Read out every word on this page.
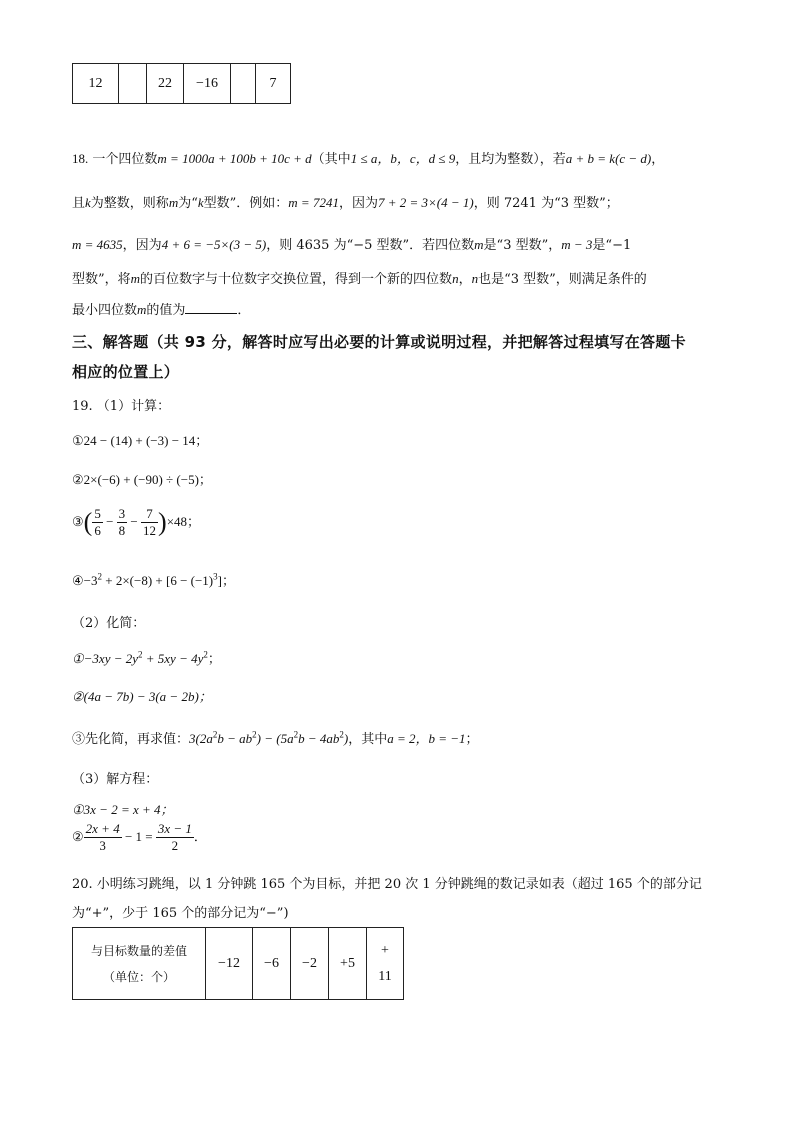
12		22	−16		7
18. 一个四位数m = 1000a + 100b + 10c + d（其中1 ≤ a，b，c，d ≤ 9，且均为整数），若a + b = k(c − d)，
且k为整数，则称m为“k型数”．例如：m = 7241，因为7 + 2 = 3×(4 − 1)，则 7241 为“3 型数”；
m = 4635，因为4 + 6 = −5×(3 − 5)，则 4635 为“−5 型数”．若四位数m是“3 型数”，m − 3是“−1
型数”，将m的百位数字与十位数字交换位置，得到一个新的四位数n，n也是“3 型数”，则满足条件的
最小四位数m的值为	．
三、解答题（共 93 分，解答时应写出必要的计算或说明过程，并把解答过程填写在答题卡
相应的位置上）
19. （1）计算：
①24 − (14) + (−3) − 14；
②2×(−6) + (−90) ÷ (−5)；
③( $\frac{5}{6} - \frac{3}{8} - \frac{7}{12} )\times 48$；
$④-3^2 + 2\times(-8) + [6 - (-1)^3]$；
（2）化简：
①−3xy − $2y^2 + 5xy - 4y^2$；
②(4a − 7b) − 3(a − 2b)；
③先化简，再求值：$3(2a^2b - ab^2) - (5a^2b - 4ab^2)$，其中a = 2，b = −1；
（3）解方程：
①3x − 2 = x + 4；
② $\frac{2x + 4}{3} - 1 = \frac{3x - 1}{2}$ ．
20. 小明练习跳绳，以 1 分钟跳 165 个为目标，并把 20 次 1 分钟跳绳的数记录如表（超过 165 个的部分记
为“+”，少于 165 个的部分记为“−”)
与目标数量的差值
（单位：个）
	−12	−6	−2	+5	
+
11
